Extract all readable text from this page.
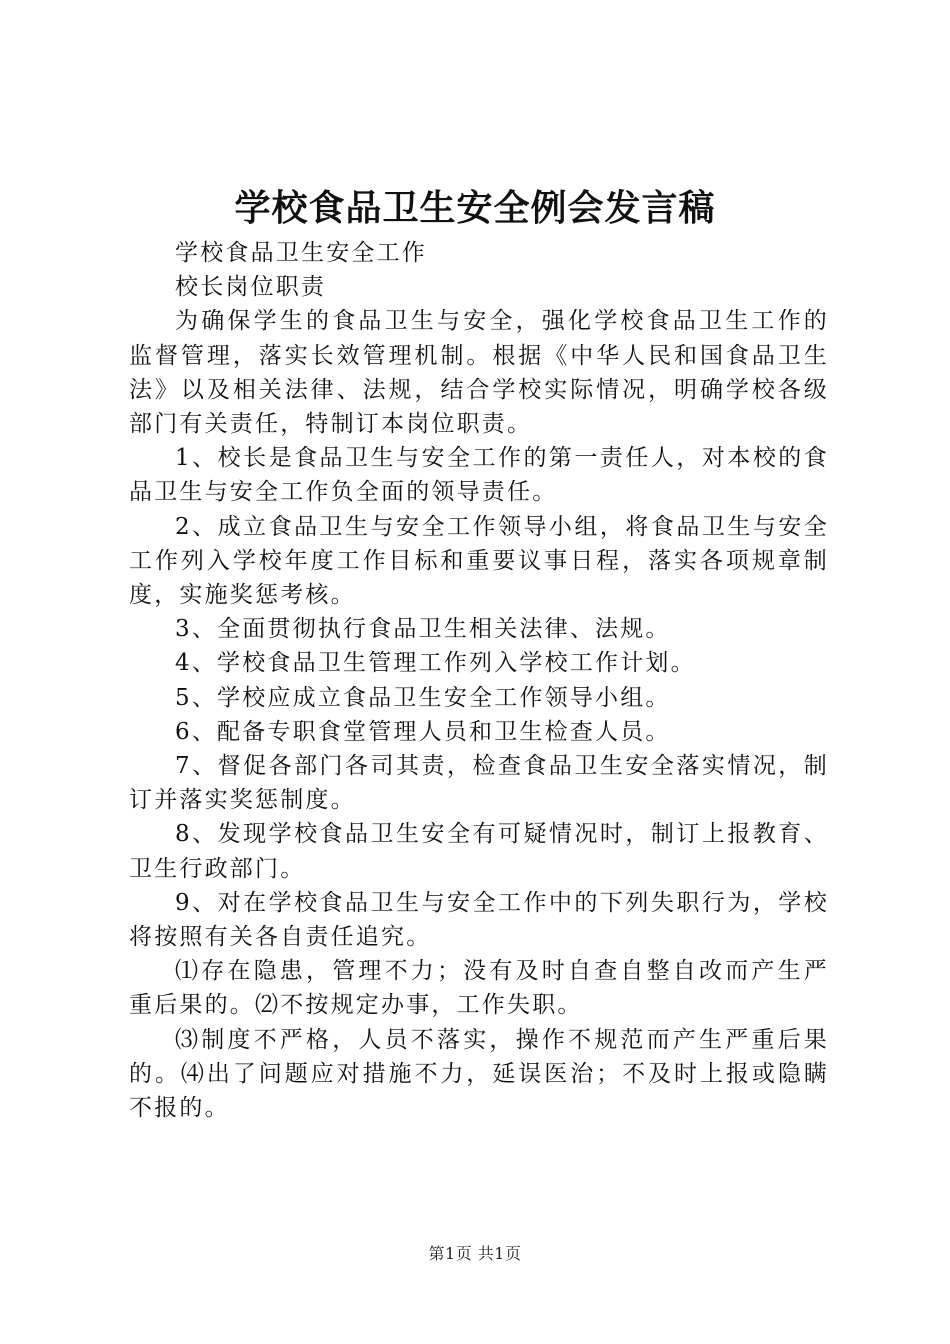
学校食品卫生安全例会发言稿

学校食品卫生安全工作

校长岗位职责

为确保学生的食品卫生与安全，强化学校食品卫生工作的监督管理，落实长效管理机制。根据《中华人民和国食品卫生法》以及相关法律、法规，结合学校实际情况，明确学校各级部门有关责任，特制订本岗位职责。

1、校长是食品卫生与安全工作的第一责任人，对本校的食品卫生与安全工作负全面的领导责任。

2、成立食品卫生与安全工作领导小组，将食品卫生与安全工作列入学校年度工作目标和重要议事日程，落实各项规章制度，实施奖惩考核。

3、全面贯彻执行食品卫生相关法律、法规。

4、学校食品卫生管理工作列入学校工作计划。

5、学校应成立食品卫生安全工作领导小组。

6、配备专职食堂管理人员和卫生检查人员。

7、督促各部门各司其责，检查食品卫生安全落实情况，制订并落实奖惩制度。

8、发现学校食品卫生安全有可疑情况时，制订上报教育、卫生行政部门。

9、对在学校食品卫生与安全工作中的下列失职行为，学校将按照有关各自责任追究。

⑴存在隐患，管理不力；没有及时自查自整自改而产生严重后果的。⑵不按规定办事，工作失职。

⑶制度不严格，人员不落实，操作不规范而产生严重后果的。⑷出了问题应对措施不力，延误医治；不及时上报或隐瞒不报的。

第1页 共1页
